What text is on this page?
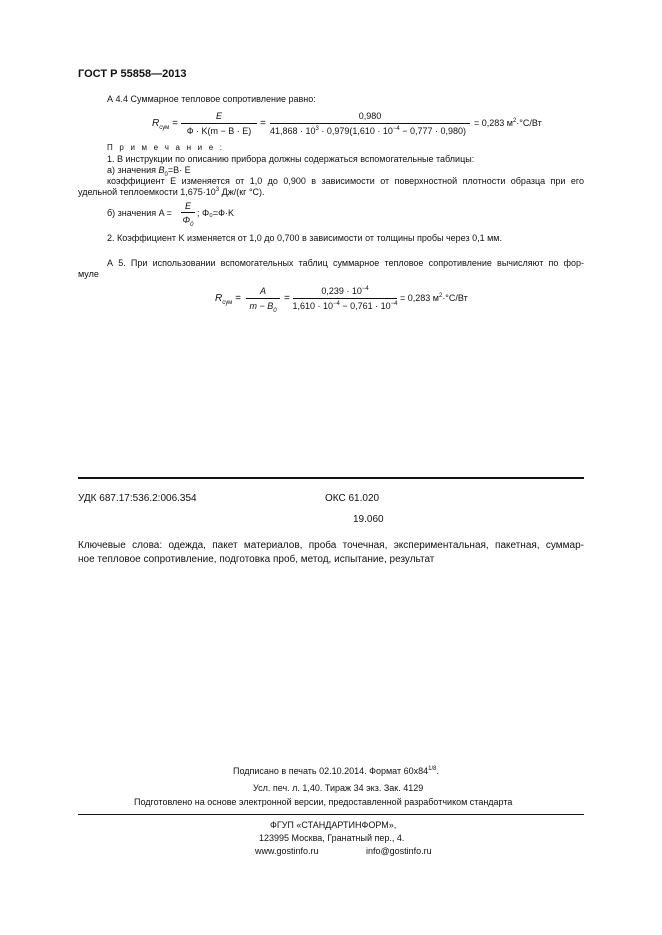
ГОСТ Р 55858—2013
А 4.4 Суммарное тепловое сопротивление равно:
$R_{сум}$ =
E
Ф · K(m − B · E)
=
0,980
$41,868 \cdot 10^3 \cdot 0,979(1,610 \cdot 10^{-4} - 0,777 \cdot 0,980)$
= 0,283 $м^2\cdot^\circ С/Вт$
П р и м е ч а н и е :
1. В инструкции по описанию прибора должны содержаться вспомогательные таблицы:
а) значения $B_0=B\cdot E$
коэффициент E изменяется от 1,0 до 0,900 в зависимости от поверхностной плотности образца при его
удельной теплоемкости $1,675\cdot 10^3$ Дж/(кг °С).
б) значения A =
E
$\Phi_0$
; Φ₀=Ф·K
2. Коэффициент K изменяется от 1,0 до 0,700 в зависимости от толщины пробы через 0,1 мм.
А 5. При использовании вспомогательных таблиц суммарное тепловое сопротивление вычисляют по фор-
муле
$R_{сум}$ =
A
$m - B_0$
=
$0,239 \cdot 10^{-4}$
$1,610 \cdot 10^{-4} - 0,761 \cdot 10^{-4}$
= 0,283 $м^2\cdot^\circ С/Вт$
УДК 687.17:536.2:006.354	ОКС 61.020
19.060
Ключевые слова: одежда, пакет материалов, проба точечная, экспериментальная, пакетная, суммар-
ное тепловое сопротивление, подготовка проб, метод, испытание, результат
Подписано в печать 02.10.2014. Формат $60х84^{1/8}$.
Усл. печ. л. 1,40. Тираж 34 экз. Зак. 4129
Подготовлено на основе электронной версии, предоставленной разработчиком стандарта
ФГУП «СТАНДАРТИНФОРМ»,
123995 Москва, Гранатный пер., 4.
www.gostinfo.ru	info@gostinfo.ru
